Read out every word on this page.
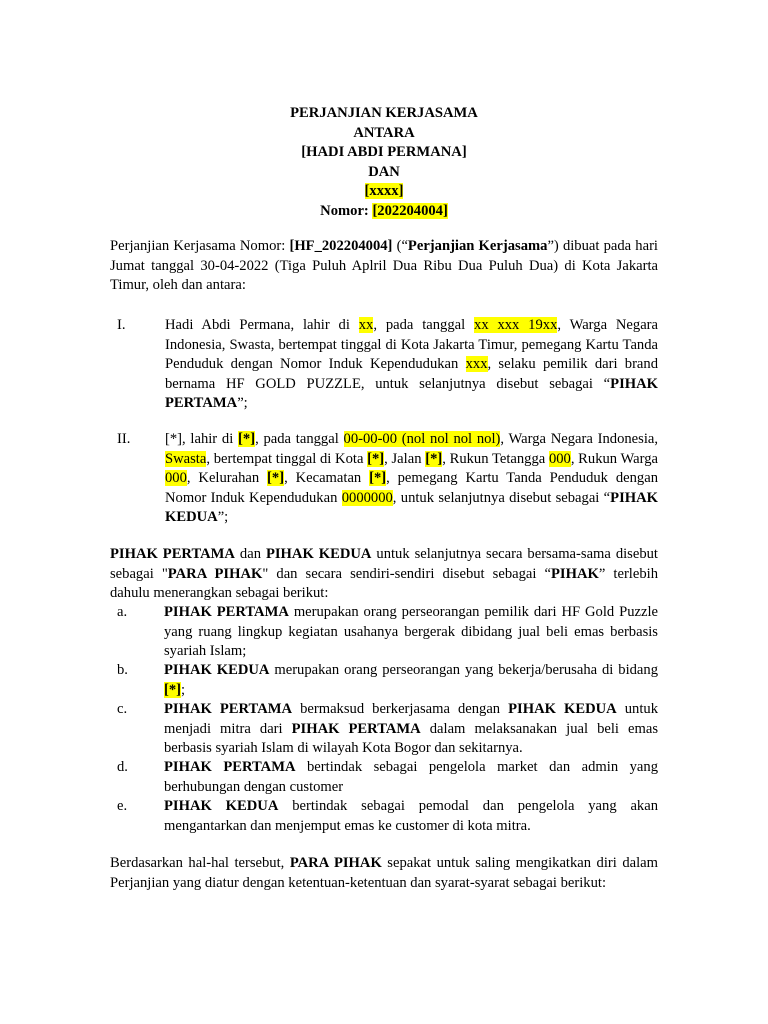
PERJANJIAN KERJASAMA
ANTARA
[HADI ABDI PERMANA]
DAN
[xxxx]
Nomor: [202204004]
Perjanjian Kerjasama Nomor: [HF_202204004] (“Perjanjian Kerjasama”) dibuat pada hari Jumat tanggal 30-04-2022 (Tiga Puluh Aplril Dua Ribu Dua Puluh Dua) di Kota Jakarta Timur, oleh dan antara:
I.	Hadi Abdi Permana, lahir di xx, pada tanggal xx xxx 19xx, Warga Negara Indonesia, Swasta, bertempat tinggal di Kota Jakarta Timur, pemegang Kartu Tanda Penduduk dengan Nomor Induk Kependudukan xxx, selaku pemilik dari brand bernama HF GOLD PUZZLE, untuk selanjutnya disebut sebagai “PIHAK PERTAMA”;
II. [*], lahir di [*], pada tanggal 00-00-00 (nol nol nol nol), Warga Negara Indonesia, Swasta, bertempat tinggal di Kota [*], Jalan [*], Rukun Tetangga 000, Rukun Warga 000, Kelurahan [*], Kecamatan [*], pemegang Kartu Tanda Penduduk dengan Nomor Induk Kependudukan 0000000, untuk selanjutnya disebut sebagai “PIHAK KEDUA”;
PIHAK PERTAMA dan PIHAK KEDUA untuk selanjutnya secara bersama-sama disebut sebagai "PARA PIHAK" dan secara sendiri-sendiri disebut sebagai “PIHAK” terlebih dahulu menerangkan sebagai berikut:
a.	PIHAK PERTAMA merupakan orang perseorangan pemilik dari HF Gold Puzzle yang ruang lingkup kegiatan usahanya bergerak dibidang jual beli emas berbasis syariah Islam;
b. PIHAK KEDUA merupakan orang perseorangan yang bekerja/berusaha di bidang [*];
c.	PIHAK PERTAMA bermaksud berkerjasama dengan PIHAK KEDUA untuk menjadi mitra dari PIHAK PERTAMA dalam melaksanakan jual beli emas berbasis syariah Islam di wilayah Kota Bogor dan sekitarnya.
d. PIHAK PERTAMA bertindak sebagai pengelola market dan admin yang berhubungan dengan customer
e.	PIHAK KEDUA bertindak sebagai pemodal dan pengelola yang akan mengantarkan dan menjemput emas ke customer di kota mitra.
Berdasarkan hal-hal tersebut, PARA PIHAK sepakat untuk saling mengikatkan diri dalam Perjanjian yang diatur dengan ketentuan-ketentuan dan syarat-syarat sebagai berikut:
